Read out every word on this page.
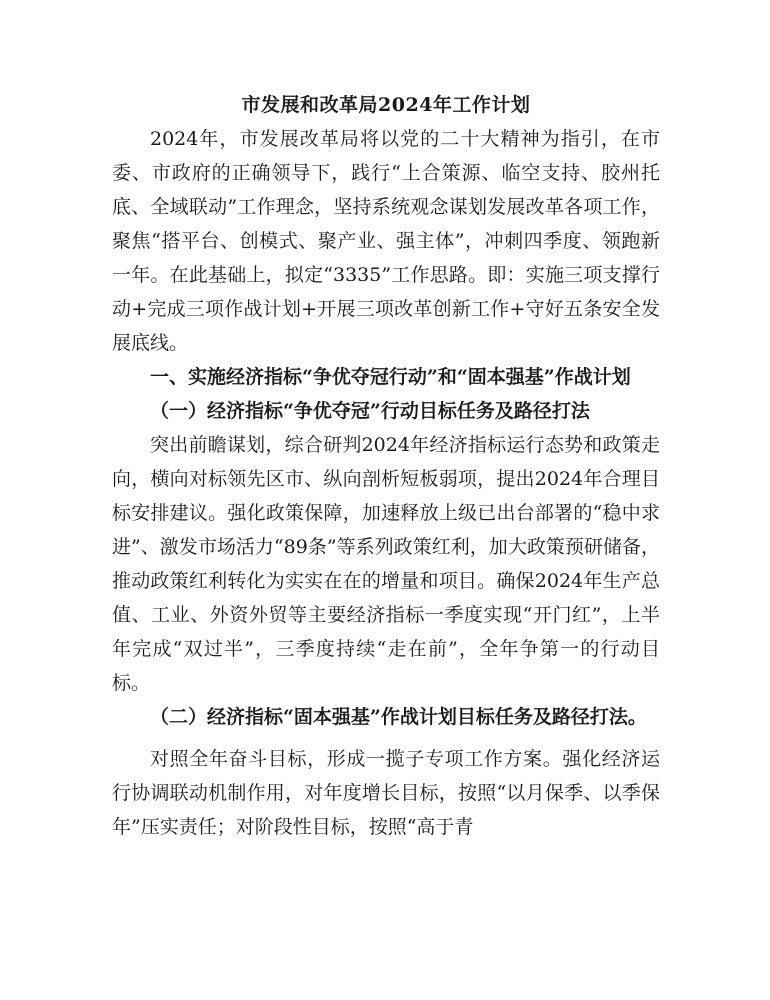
市发展和改革局2024年工作计划

2024年，市发展改革局将以党的二十大精神为指引，在市委、市政府的正确领导下，践行“上合策源、临空支持、胶州托底、全域联动”工作理念，坚持系统观念谋划发展改革各项工作，聚焦“搭平台、创模式、聚产业、强主体”，冲刺四季度、领跑新一年。在此基础上，拟定“3335”工作思路。即：实施三项支撑行动+完成三项作战计划+开展三项改革创新工作+守好五条安全发展底线。

一、实施经济指标“争优夺冠行动”和“固本强基”作战计划

（一）经济指标“争优夺冠”行动目标任务及路径打法

突出前瞻谋划，综合研判2024年经济指标运行态势和政策走向，横向对标领先区市、纵向剖析短板弱项，提出2024年合理目标安排建议。强化政策保障，加速释放上级已出台部署的“稳中求进”、激发市场活力“89条”等系列政策红利，加大政策预研储备，推动政策红利转化为实实在在的增量和项目。确保2024年生产总值、工业、外资外贸等主要经济指标一季度实现“开门红”，上半年完成“双过半”，三季度持续“走在前”，全年争第一的行动目标。

（二）经济指标“固本强基”作战计划目标任务及路径打法。

对照全年奋斗目标，形成一揽子专项工作方案。强化经济运行协调联动机制作用，对年度增长目标，按照“以月保季、以季保年”压实责任；对阶段性目标，按照“高于青
